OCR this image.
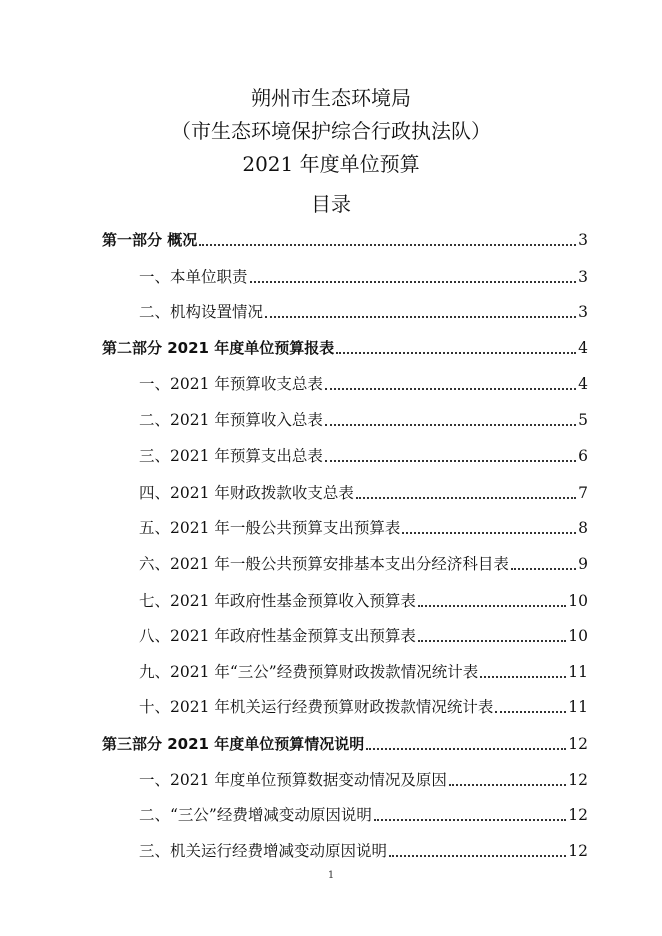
朔州市生态环境局
（市生态环境保护综合行政执法队）
2021 年度单位预算
目录
第一部分 概况	3
一、本单位职责	3
二、机构设置情况	3
第二部分 2021 年度单位预算报表	4
一、2021 年预算收支总表	4
二、2021 年预算收入总表	5
三、2021 年预算支出总表	6
四、2021 年财政拨款收支总表	7
五、2021 年一般公共预算支出预算表	8
六、2021 年一般公共预算安排基本支出分经济科目表	9
七、2021 年政府性基金预算收入预算表	10
八、2021 年政府性基金预算支出预算表	10
九、2021 年“三公”经费预算财政拨款情况统计表	11
十、2021 年机关运行经费预算财政拨款情况统计表	11
第三部分 2021 年度单位预算情况说明	12
一、2021 年度单位预算数据变动情况及原因	12
二、“三公”经费增减变动原因说明	12
三、机关运行经费增减变动原因说明	12
1
